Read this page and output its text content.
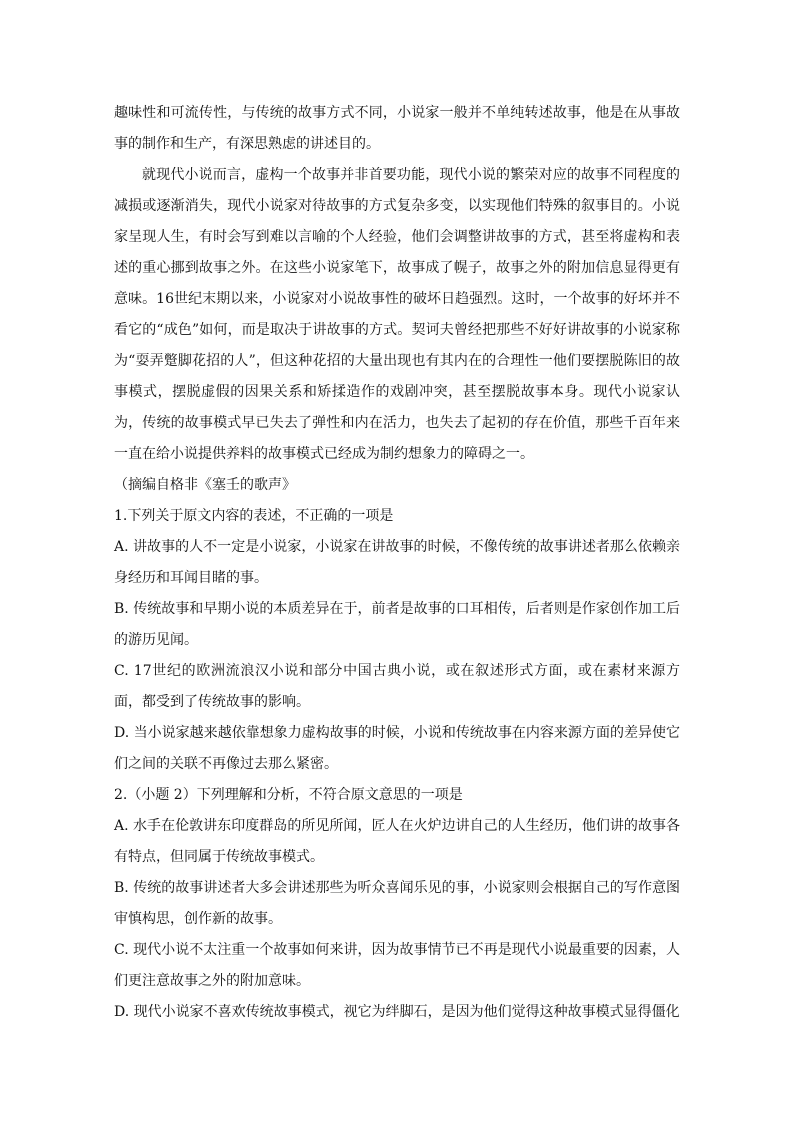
趣味性和可流传性，与传统的故事方式不同，小说家一般并不单纯转述故事，他是在从事故事的制作和生产，有深思熟虑的讲述目的。

就现代小说而言，虚构一个故事并非首要功能，现代小说的繁荣对应的故事不同程度的减损或逐渐消失，现代小说家对待故事的方式复杂多变，以实现他们特殊的叙事目的。小说家呈现人生，有时会写到难以言喻的个人经验，他们会调整讲故事的方式，甚至将虚构和表述的重心挪到故事之外。在这些小说家笔下，故事成了幌子，故事之外的附加信息显得更有意味。16世纪末期以来，小说家对小说故事性的破坏日趋强烈。这时，一个故事的好坏并不看它的“成色”如何，而是取决于讲故事的方式。契诃夫曾经把那些不好好讲故事的小说家称为“耍弄蹩脚花招的人”，但这种花招的大量出现也有其内在的合理性一他们要摆脱陈旧的故事模式，摆脱虚假的因果关系和矫揉造作的戏剧冲突，甚至摆脱故事本身。现代小说家认为，传统的故事模式早已失去了弹性和内在活力，也失去了起初的存在价值，那些千百年来一直在给小说提供养料的故事模式已经成为制约想象力的障碍之一。

（摘编自格非《塞壬的歌声》

1.下列关于原文内容的表述，不正确的一项是

A. 讲故事的人不一定是小说家，小说家在讲故事的时候，不像传统的故事讲述者那么依赖亲身经历和耳闻目睹的事。

B. 传统故事和早期小说的本质差异在于，前者是故事的口耳相传，后者则是作家创作加工后的游历见闻。

C. 17世纪的欧洲流浪汉小说和部分中国古典小说，或在叙述形式方面，或在素材来源方面，都受到了传统故事的影响。

D. 当小说家越来越依靠想象力虚构故事的时候，小说和传统故事在内容来源方面的差异使它们之间的关联不再像过去那么紧密。

2.（小题 2）下列理解和分析，不符合原文意思的一项是

A. 水手在伦敦讲东印度群岛的所见所闻，匠人在火炉边讲自己的人生经历，他们讲的故事各有特点，但同属于传统故事模式。

B. 传统的故事讲述者大多会讲述那些为听众喜闻乐见的事，小说家则会根据自己的写作意图审慎构思，创作新的故事。

C. 现代小说不太注重一个故事如何来讲，因为故事情节已不再是现代小说最重要的因素，人们更注意故事之外的附加意味。

D. 现代小说家不喜欢传统故事模式，视它为绊脚石，是因为他们觉得这种故事模式显得僵化
